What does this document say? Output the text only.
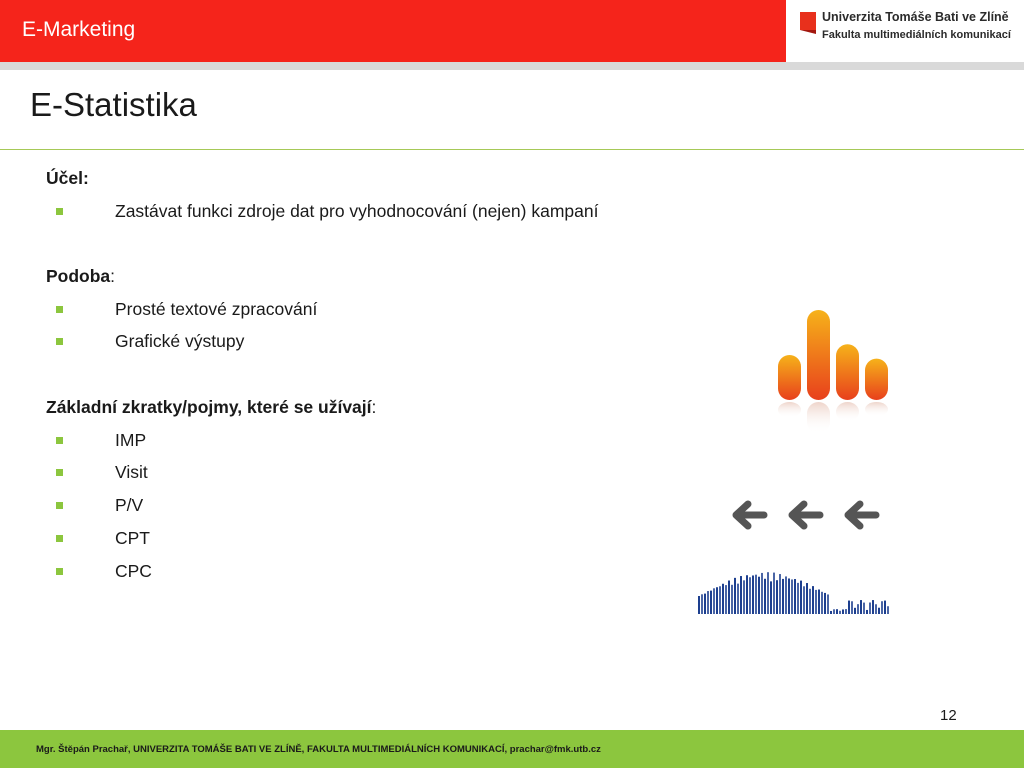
E-Marketing
Univerzita Tomáše Bati ve Zlíně
Fakulta multimediálních komunikací
E-Statistika
Účel:
Zastávat funkci zdroje dat pro vyhodnocování (nejen) kampaní
Podoba:
Prosté textové zpracování
Grafické výstupy
Základní zkratky/pojmy, které se užívají:
IMP
Visit
P/V
CPT
CPC
12
Mgr. Štěpán Prachař, UNIVERZITA TOMÁŠE BATI VE ZLÍNĚ, FAKULTA MULTIMEDIÁLNÍCH KOMUNIKACÍ, prachar@fmk.utb.cz
